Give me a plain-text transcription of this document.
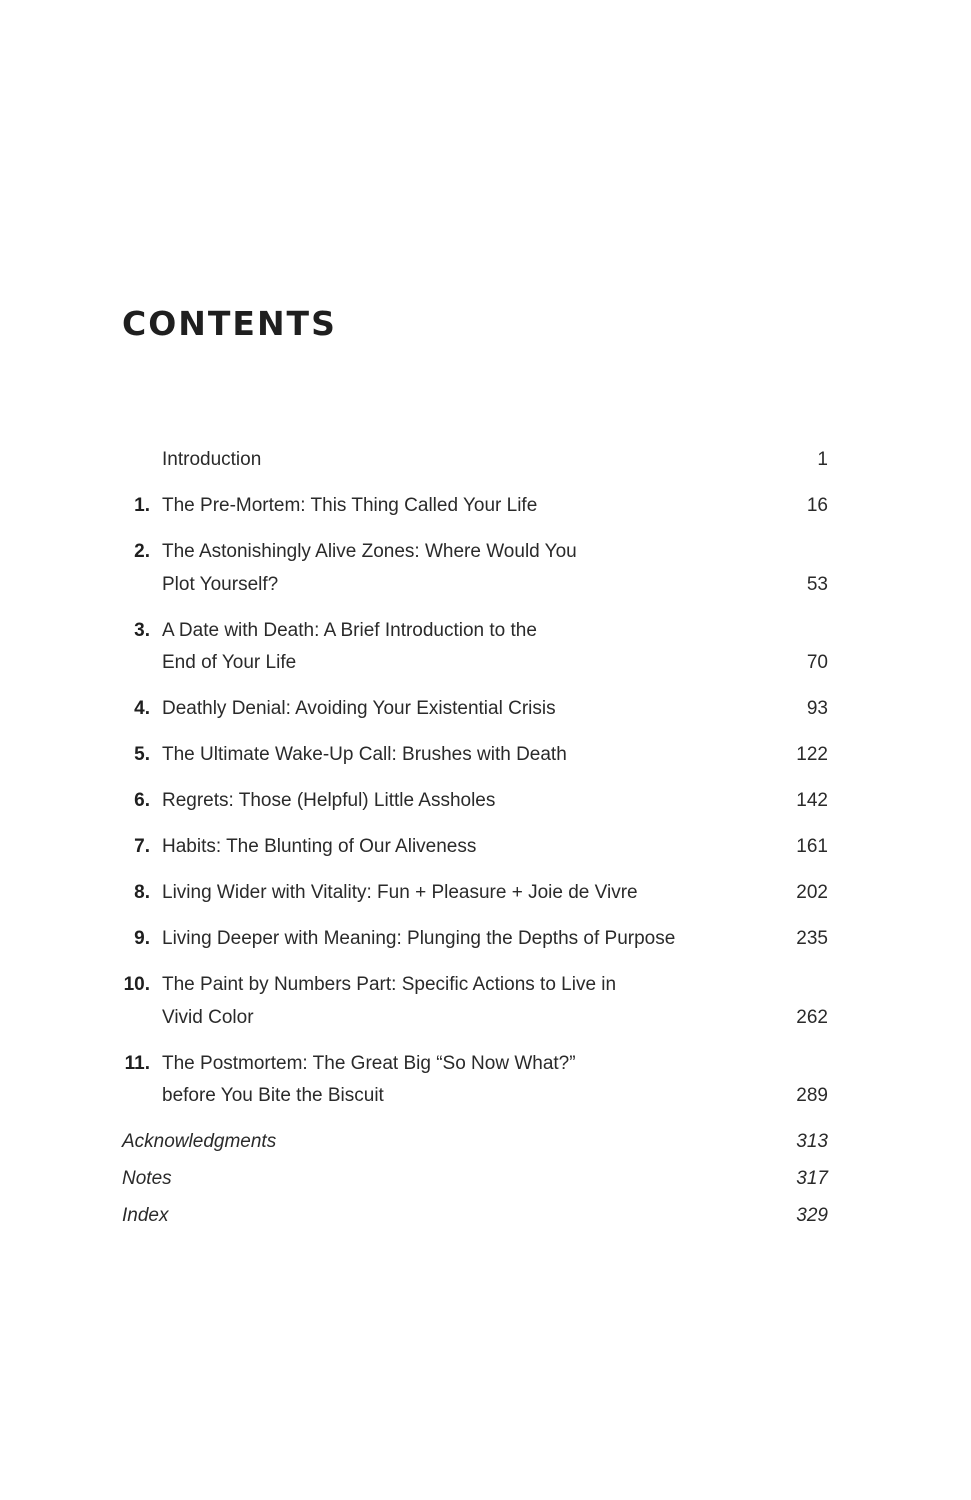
CONTENTS
Introduction	1
1. The Pre-Mortem: This Thing Called Your Life	16
2. The Astonishingly Alive Zones: Where Would You
Plot Yourself?	53
3. A Date with Death: A Brief Introduction to the
End of Your Life	70
4. Deathly Denial: Avoiding Your Existential Crisis	93
5. The Ultimate Wake-Up Call: Brushes with Death	122
6. Regrets: Those (Helpful) Little Assholes	142
7. Habits: The Blunting of Our Aliveness	161
8. Living Wider with Vitality: Fun + Pleasure + Joie de Vivre	202
9. Living Deeper with Meaning: Plunging the Depths of Purpose	235
10. The Paint by Numbers Part: Specific Actions to Live in
Vivid Color	262
11. The Postmortem: The Great Big “So Now What?”
before You Bite the Biscuit	289
Acknowledgments	313
Notes	317
Index	329
